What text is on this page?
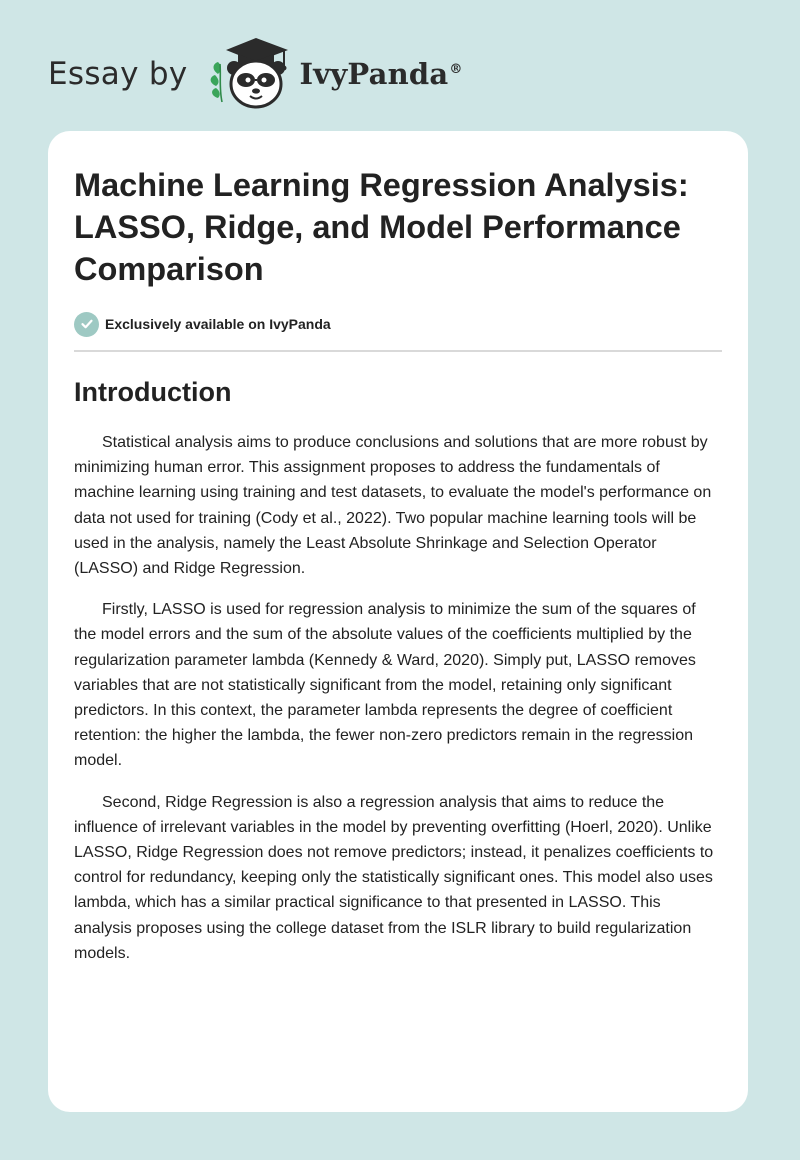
Essay by	IvyPanda®
Machine Learning Regression Analysis: LASSO, Ridge, and Model Performance Comparison
Exclusively available on IvyPanda
Introduction

Statistical analysis aims to produce conclusions and solutions that are more robust by minimizing human error. This assignment proposes to address the fundamentals of machine learning using training and test datasets, to evaluate the model's performance on data not used for training (Cody et al., 2022). Two popular machine learning tools will be used in the analysis, namely the Least Absolute Shrinkage and Selection Operator (LASSO) and Ridge Regression.

Firstly, LASSO is used for regression analysis to minimize the sum of the squares of the model errors and the sum of the absolute values of the coefficients multiplied by the regularization parameter lambda (Kennedy & Ward, 2020). Simply put, LASSO removes variables that are not statistically significant from the model, retaining only significant predictors. In this context, the parameter lambda represents the degree of coefficient retention: the higher the lambda, the fewer non-zero predictors remain in the regression model.

Second, Ridge Regression is also a regression analysis that aims to reduce the influence of irrelevant variables in the model by preventing overfitting (Hoerl, 2020). Unlike LASSO, Ridge Regression does not remove predictors; instead, it penalizes coefficients to control for redundancy, keeping only the statistically significant ones. This model also uses lambda, which has a similar practical significance to that presented in LASSO. This analysis proposes using the college dataset from the ISLR library to build regularization models.
